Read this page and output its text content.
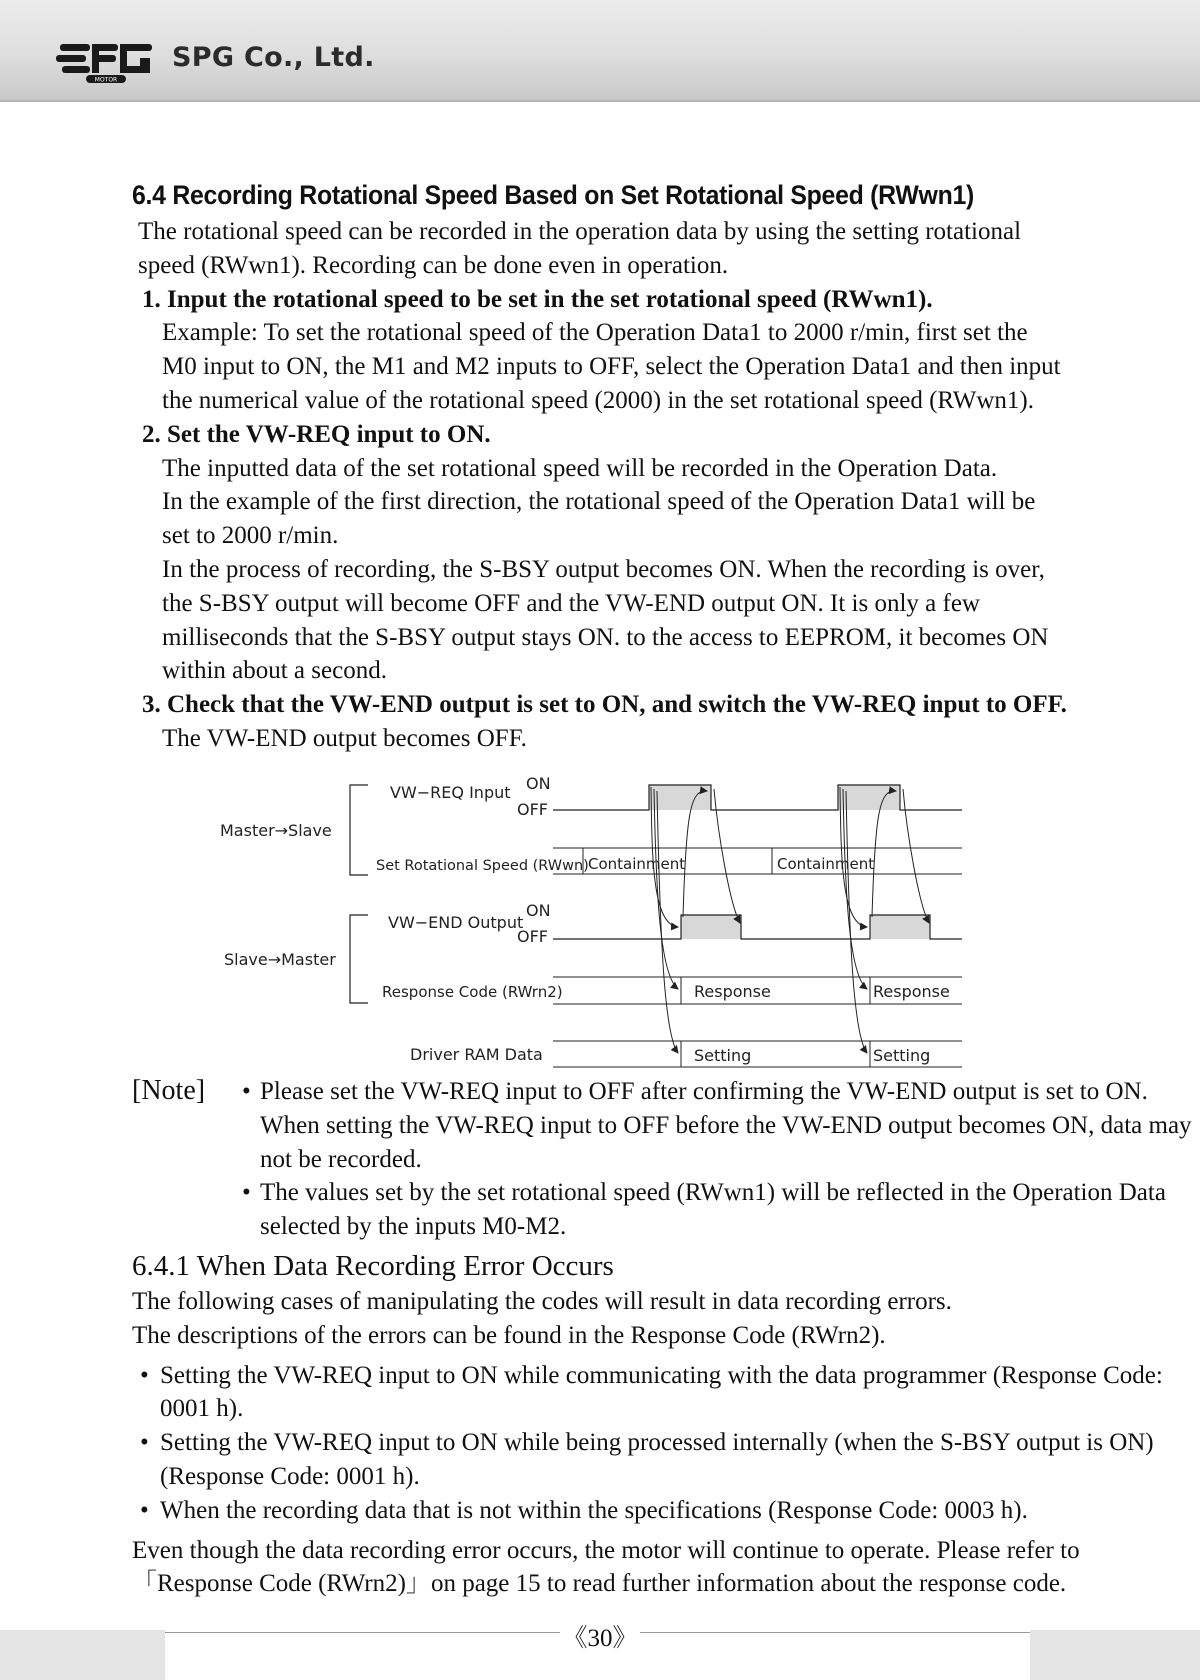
MOTOR
SPG Co., Ltd.
6.4 Recording Rotational Speed Based on Set Rotational Speed (RWwn1)

The rotational speed can be recorded in the operation data by using the setting rotational

speed (RWwn1). Recording can be done even in operation.

1. Input the rotational speed to be set in the set rotational speed (RWwn1).

Example: To set the rotational speed of the Operation Data1 to 2000 r/min, first set the

M0 input to ON, the M1 and M2 inputs to OFF, select the Operation Data1 and then input

the numerical value of the rotational speed (2000) in the set rotational speed (RWwn1).

2. Set the VW-REQ input to ON.

The inputted data of the set rotational speed will be recorded in the Operation Data.

In the example of the first direction, the rotational speed of the Operation Data1 will be

set to 2000 r/min.

In the process of recording, the S-BSY output becomes ON. When the recording is over,

the S-BSY output will become OFF and the VW-END output ON. It is only a few

milliseconds that the S-BSY output stays ON. to the access to EEPROM, it becomes ON

within about a second.

3. Check that the VW-END output is set to ON, and switch the VW-REQ input to OFF.

The VW-END output becomes OFF.

Master→Slave
Slave→Master
VW−REQ Input ON
OFF
Set Rotational Speed (RWwn)
VW−END Output
ON
OFF
Response Code (RWrn2)
Driver RAM Data
Containment	Containment
Response	Response
Setting	Setting
[Note]
•	Please set the VW-REQ input to OFF after confirming the VW-END output is set to ON. When setting the VW-REQ input to OFF before the VW-END output becomes ON, data may not be recorded.
• The values set by the set rotational speed (RWwn1) will be reflected in the Operation Data selected by the inputs M0-M2.
6.4.1 When Data Recording Error Occurs

The following cases of manipulating the codes will result in data recording errors.

The descriptions of the errors can be found in the Response Code (RWrn2).

• Setting the VW-REQ input to ON while communicating with the data programmer (Response Code: 0001 h).
• Setting the VW-REQ input to ON while being processed internally (when the S-BSY output is ON) (Response Code: 0001 h).
• When the recording data that is not within the specifications (Response Code: 0003 h).

Even though the data recording error occurs, the motor will continue to operate. Please refer to

「Response Code (RWrn2)」on page 15 to read further information about the response code.

《30》
